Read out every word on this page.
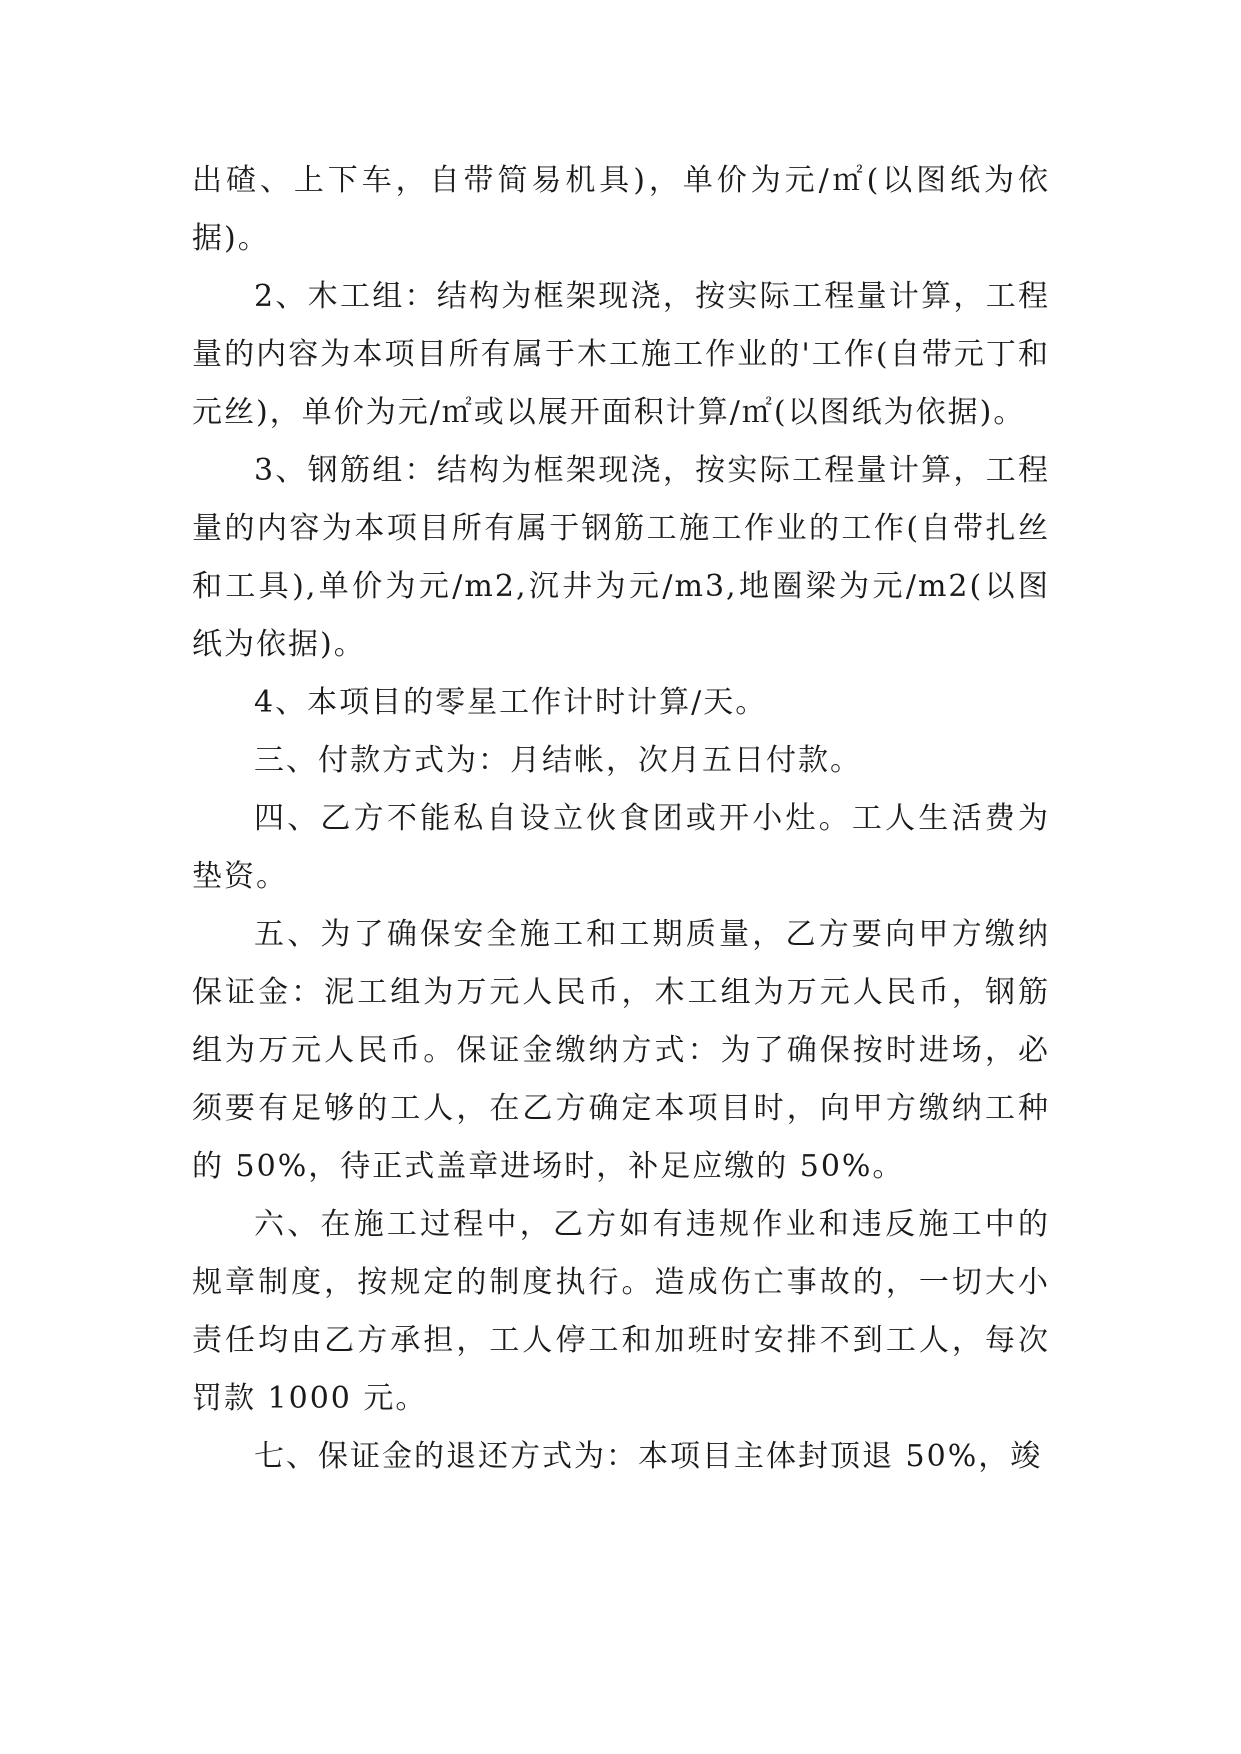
出碴、上下车，自带简易机具)，单价为元/㎡(以图纸为依据)。

2、木工组：结构为框架现浇，按实际工程量计算，工程量的内容为本项目所有属于木工施工作业的'工作(自带元丁和元丝)，单价为元/㎡或以展开面积计算/㎡(以图纸为依据)。

3、钢筋组：结构为框架现浇，按实际工程量计算，工程量的内容为本项目所有属于钢筋工施工作业的工作(自带扎丝和工具),单价为元/m2,沉井为元/m3,地圈梁为元/m2(以图纸为依据)。

4、本项目的零星工作计时计算/天。

三、付款方式为：月结帐，次月五日付款。

四、乙方不能私自设立伙食团或开小灶。工人生活费为垫资。

五、为了确保安全施工和工期质量，乙方要向甲方缴纳保证金：泥工组为万元人民币，木工组为万元人民币，钢筋组为万元人民币。保证金缴纳方式：为了确保按时进场，必须要有足够的工人，在乙方确定本项目时，向甲方缴纳工种的 50%，待正式盖章进场时，补足应缴的 50%。

六、在施工过程中，乙方如有违规作业和违反施工中的规章制度，按规定的制度执行。造成伤亡事故的，一切大小责任均由乙方承担，工人停工和加班时安排不到工人，每次罚款 1000 元。

七、保证金的退还方式为：本项目主体封顶退 50%，竣
